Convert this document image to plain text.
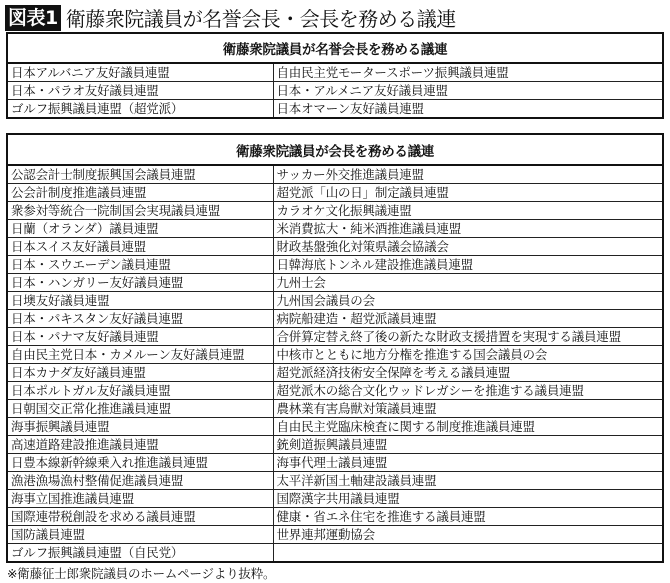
図表1 衛藤衆院議員が名誉会長・会長を務める議連
衛藤衆院議員が名誉会長を務める議連	
日本アルバニア友好議員連盟	自由民主党モータースポーツ振興議員連盟
日本・パラオ友好議員連盟	日本・アルメニア友好議員連盟
ゴルフ振興議員連盟（超党派）	日本オマーン友好議員連盟
衛藤衆院議員が会長を務める議連	
公認会計士制度振興国会議員連盟	サッカー外交推進議員連盟
公会計制度推進議員連盟	超党派「山の日」制定議員連盟
衆参対等統合一院制国会実現議員連盟	カラオケ文化振興議連盟
日蘭（オランダ）議員連盟	米消費拡大・純米酒推進議員連盟
日本スイス友好議員連盟	財政基盤強化対策県議会協議会
日本・スウエーデン議員連盟	日韓海底トンネル建設推進議員連盟
日本・ハンガリー友好議員連盟	九州士会
日墺友好議員連盟	九州国会議員の会
日本・パキスタン友好議員連盟	病院船建造・超党派議員連盟
日本・パナマ友好議員連盟	合併算定替え終了後の新たな財政支援措置を実現する議員連盟
自由民主党日本・カメルーン友好議員連盟	中核市とともに地方分権を推進する国会議員の会
日本カナダ友好議員連盟	超党派経済技術安全保障を考える議員連盟
日本ポルトガル友好議員連盟	超党派木の総合文化ウッドレガシーを推進する議員連盟
日朝国交正常化推進議員連盟	農林業有害鳥獣対策議員連盟
海事振興議員連盟	自由民主党臨床検査に関する制度推進議員連盟
高速道路建設推進議員連盟	銃剣道振興議員連盟
日豊本線新幹線乗入れ推進議員連盟	海事代理士議員連盟
漁港漁場漁村整備促進議員連盟	太平洋新国土軸建設議員連盟
海事立国推進議員連盟	国際漢字共用議員連盟
国際連帯税創設を求める議員連盟	健康・省エネ住宅を推進する議員連盟
国防議員連盟	世界連邦運動協会
ゴルフ振興議員連盟（自民党）	
※衛藤征士郎衆院議員のホームページより抜粋。
